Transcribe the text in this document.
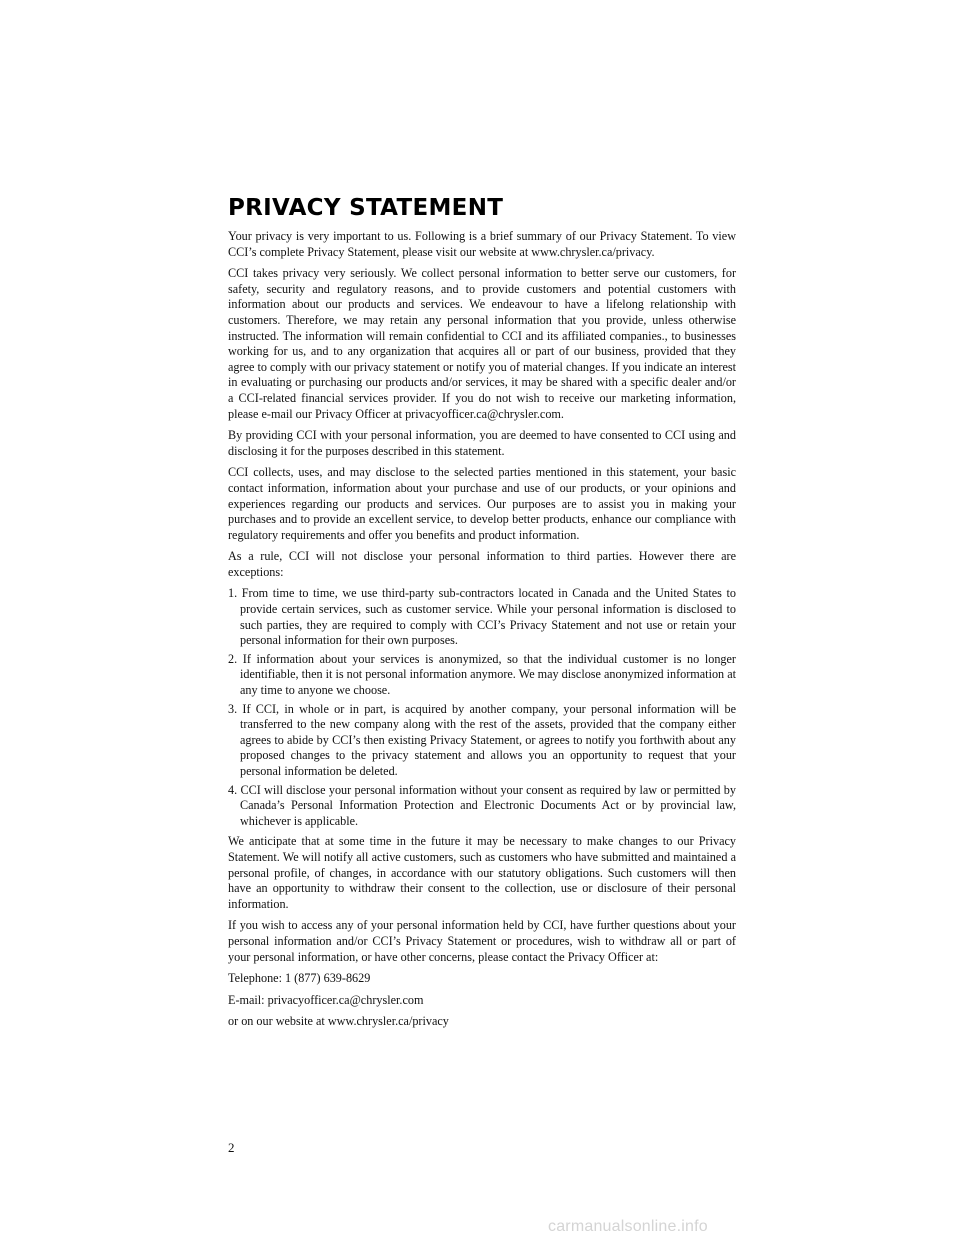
PRIVACY STATEMENT

Your privacy is very important to us. Following is a brief summary of our Privacy Statement. To view CCI’s complete Privacy Statement, please visit our website at www.chrysler.ca/privacy.

CCI takes privacy very seriously. We collect personal information to better serve our customers, for safety, security and regulatory reasons, and to provide customers and potential customers with information about our products and services. We endeavour to have a lifelong relationship with customers. Therefore, we may retain any personal information that you provide, unless otherwise instructed. The information will remain confidential to CCI and its affiliated companies., to businesses working for us, and to any organization that acquires all or part of our business, provided that they agree to comply with our privacy statement or notify you of material changes. If you indicate an interest in evaluating or purchasing our products and/or services, it may be shared with a specific dealer and/or a CCI-related financial services provider. If you do not wish to receive our marketing information, please e-mail our Privacy Officer at privacyofficer.ca@chrysler.com.

By providing CCI with your personal information, you are deemed to have consented to CCI using and disclosing it for the purposes described in this statement.

CCI collects, uses, and may disclose to the selected parties mentioned in this statement, your basic contact information, information about your purchase and use of our products, or your opinions and experiences regarding our products and services. Our purposes are to assist you in making your purchases and to provide an excellent service, to develop better products, enhance our compliance with regulatory requirements and offer you benefits and product information.

As a rule, CCI will not disclose your personal information to third parties. However there are exceptions:

1. From time to time, we use third-party sub-contractors located in Canada and the United States to provide certain services, such as customer service. While your personal information is disclosed to such parties, they are required to comply with CCI’s Privacy Statement and not use or retain your personal information for their own purposes.
2. If information about your services is anonymized, so that the individual customer is no longer identifiable, then it is not personal information anymore. We may disclose anonymized information at any time to anyone we choose.
3. If CCI, in whole or in part, is acquired by another company, your personal information will be transferred to the new company along with the rest of the assets, provided that the company either agrees to abide by CCI’s then existing Privacy Statement, or agrees to notify you forthwith about any proposed changes to the privacy statement and allows you an opportunity to request that your personal information be deleted.
4. CCI will disclose your personal information without your consent as required by law or permitted by Canada’s Personal Information Protection and Electronic Documents Act or by provincial law, whichever is applicable.

We anticipate that at some time in the future it may be necessary to make changes to our Privacy Statement. We will notify all active customers, such as customers who have submitted and maintained a personal profile, of changes, in accordance with our statutory obligations. Such customers will then have an opportunity to withdraw their consent to the collection, use or disclosure of their personal information.

If you wish to access any of your personal information held by CCI, have further questions about your personal information and/or CCI’s Privacy Statement or procedures, wish to withdraw all or part of your personal information, or have other concerns, please contact the Privacy Officer at:

Telephone: 1 (877) 639-8629

E-mail: privacyofficer.ca@chrysler.com

or on our website at www.chrysler.ca/privacy

2
carmanualsonline.info
